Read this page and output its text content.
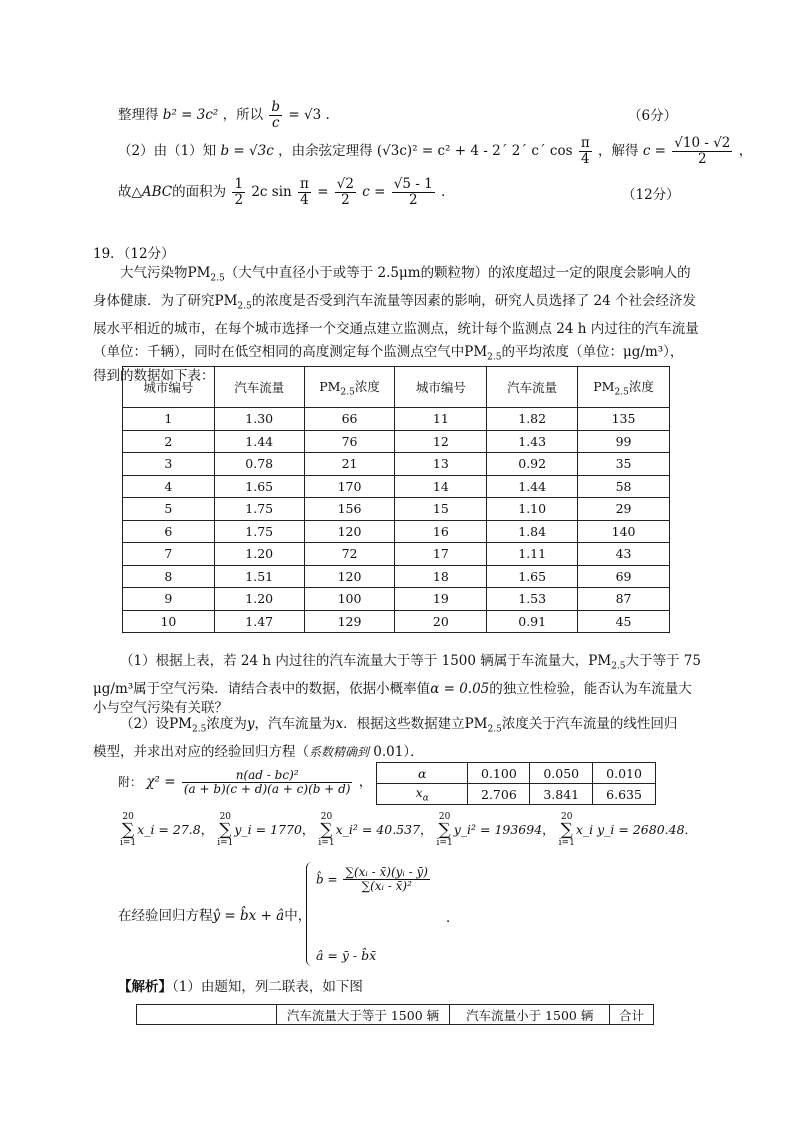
整理得 b² = 3c² ，所以 $\frac{b}{c} = √3$ .	（6分）
（2）由（1）知 b = √3c ，由余弦定理得 (√3c)² = c² + 4 - 2´ 2´ c´ $\cos \frac{\pi}{4}$ ，解得 $c = \frac{√10 - √2}{2}$ ，
故△ABC的面积为 $\frac{1}{2} 2c$ $\sin \frac{\pi}{4} = \frac{√2}{2}$ $c = \frac{√5 - 1}{2}$ .	（12分）
19．（12分）
大气污染物$PM_{2.5}$（大气中直径小于或等于 2.5μm的颗粒物）的浓度超过一定的限度会影响人的
身体健康．为了研究$PM_{2.5}$的浓度是否受到汽车流量等因素的影响，研究人员选择了 24 个社会经济发
展水平相近的城市，在每个城市选择一个交通点建立监测点，统计每个监测点 24 h 内过往的汽车流量
（单位：千辆），同时在低空相同的高度测定每个监测点空气中$PM_{2.5}$的平均浓度（单位：μg/m³），
得到的数据如下表：
城市编号	汽车流量	$PM_{2.5}$浓度	城市编号	汽车流量	$PM_{2.5}$浓度
1	1.30	66	11	1.82	135
2	1.44	76	12	1.43	99
3	0.78	21	13	0.92	35
4	1.65	170	14	1.44	58
5	1.75	156	15	1.10	29
6	1.75	120	16	1.84	140
7	1.20	72	17	1.11	43
8	1.51	120	18	1.65	69
9	1.20	100	19	1.53	87
10	1.47	129	20	0.91	45
（1）根据上表，若 24 h 内过往的汽车流量大于等于 1500 辆属于车流量大，$PM_{2.5}$大于等于 75
μg/m³属于空气污染．请结合表中的数据，依据小概率值α = 0.05的独立性检验，能否认为车流量大
小与空气污染有关联？
（2）设$PM_{2.5}$浓度为y，汽车流量为x．根据这些数据建立$PM_{2.5}$浓度关于汽车流量的线性回归
模型，并求出对应的经验回归方程（系数精确到 0.01）．
附： $\chi^2 = \frac{\text{n(ad - bc)²}}{(a + b)(c + d)(a + c)(b + d)}$ ，
α	0.100	0.050	0.010
$x_\alpha$	2.706	3.841	6.635
20
∑
i=1x_i = 27.8， 20
∑
i=1y_i = 1770， 20
∑
i=1x_i² = 40.537， 20
∑
i=1y_i² = 193694， 20
∑
i=1x_i y_i = 2680.48．
在经验回归方程ŷ = b̂x + â中，
b̂ = $\frac{\text{∑(xᵢ - x̄)(yᵢ - ȳ)}}{\text{∑(xᵢ - x̄)²}}$
â = ȳ - b̂x̄
．
【解析】（1）由题知，列二联表，如下图
	汽车流量大于等于 1500 辆	汽车流量小于 1500 辆	合计
